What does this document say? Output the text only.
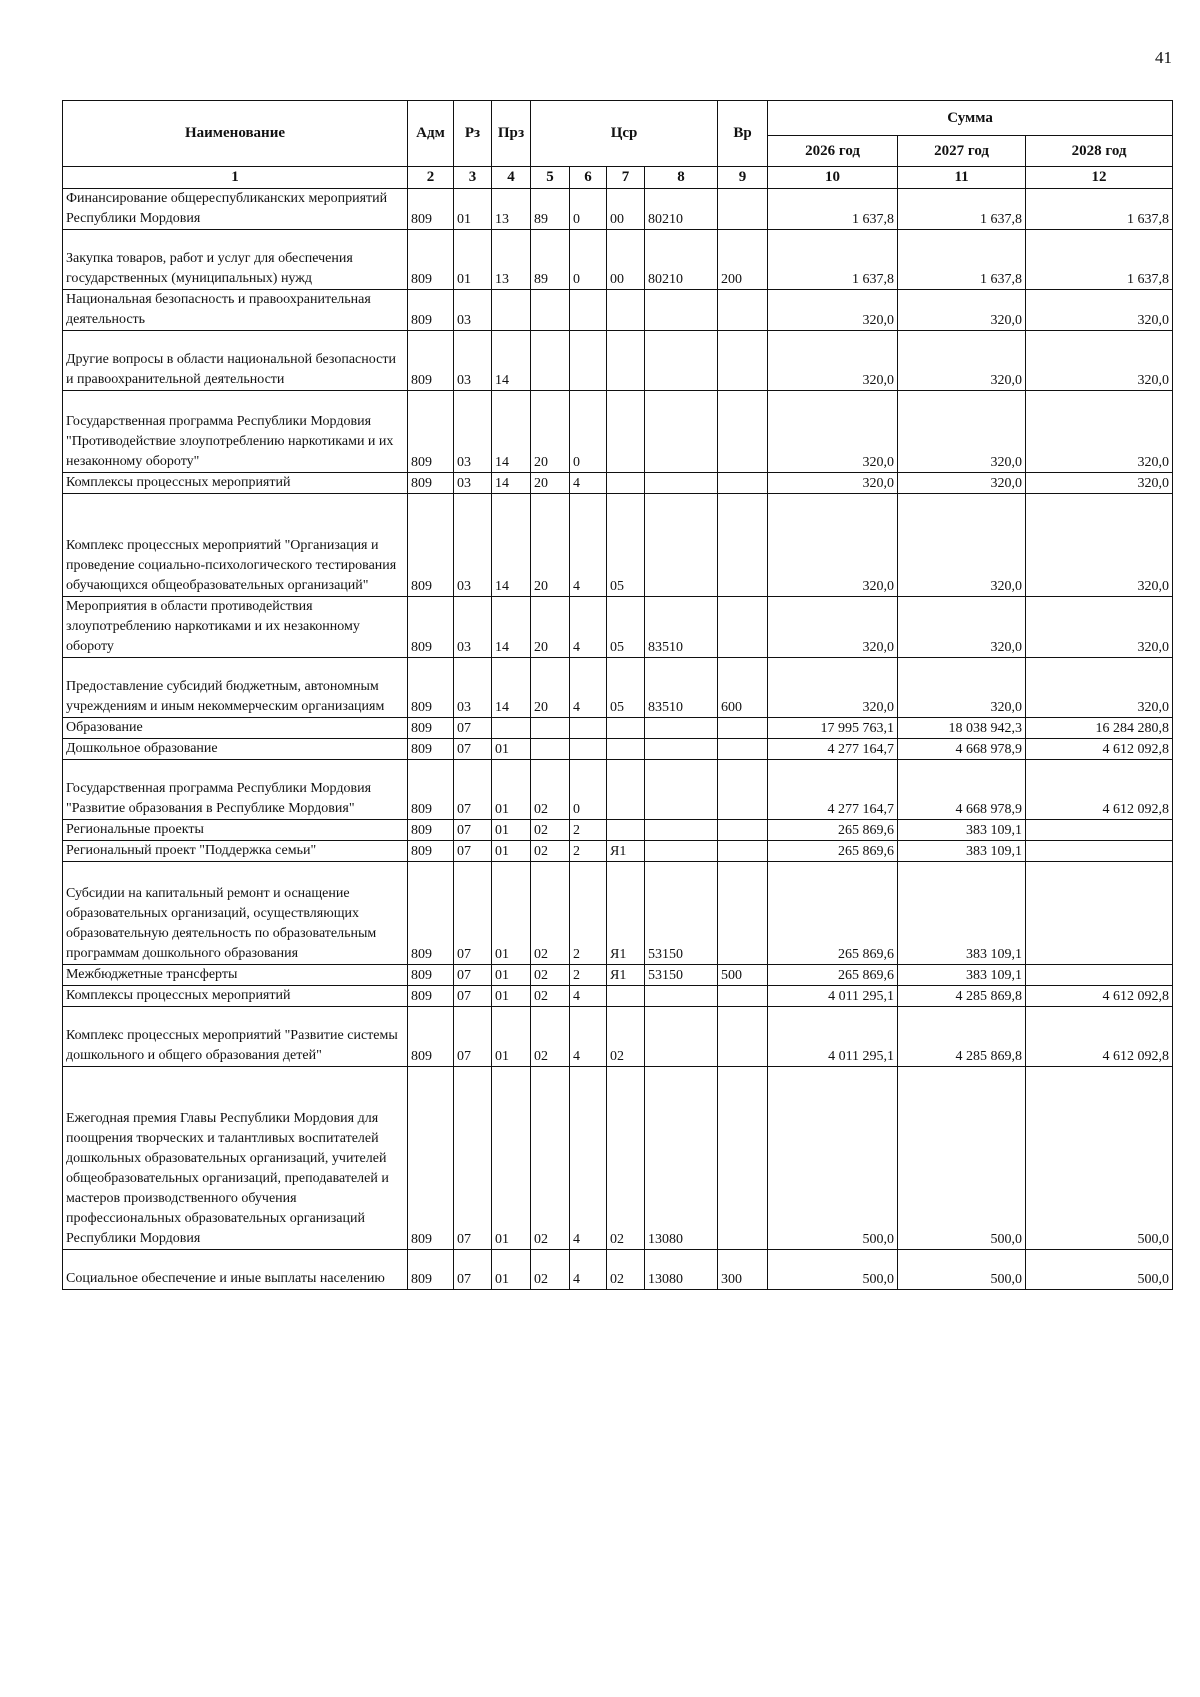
41
Наименование	Адм	Рз	Прз	Цср				Вр	Сумма		
									2026 год	2027 год	2028 год
1	2	3	4	5	6	7	8	9	10	11	12
Финансирование общереспубликанских мероприятий Республики Мордовия	809	01	13	89	0	00	80210		1 637,8	1 637,8	1 637,8
Закупка товаров, работ и услуг для обеспечения государственных (муниципальных) нужд	809	01	13	89	0	00	80210	200	1 637,8	1 637,8	1 637,8
Национальная безопасность и правоохранительная деятельность	809	03							320,0	320,0	320,0
Другие вопросы в области национальной безопасности и правоохранительной деятельности	809	03	14						320,0	320,0	320,0
Государственная программа Республики Мордовия "Противодействие злоупотреблению наркотиками и их незаконному обороту"	809	03	14	20	0				320,0	320,0	320,0
Комплексы процессных мероприятий	809	03	14	20	4				320,0	320,0	320,0
Комплекс процессных мероприятий "Организация и проведение социально-психологического тестирования обучающихся общеобразовательных организаций"	809	03	14	20	4	05			320,0	320,0	320,0
Мероприятия в области противодействия злоупотреблению наркотиками и их незаконному обороту	809	03	14	20	4	05	83510		320,0	320,0	320,0
Предоставление субсидий бюджетным, автономным учреждениям и иным некоммерческим организациям	809	03	14	20	4	05	83510	600	320,0	320,0	320,0
Образование	809	07							17 995 763,1	18 038 942,3	16 284 280,8
Дошкольное образование	809	07	01						4 277 164,7	4 668 978,9	4 612 092,8
Государственная программа Республики Мордовия "Развитие образования в Республике Мордовия"	809	07	01	02	0				4 277 164,7	4 668 978,9	4 612 092,8
Региональные проекты	809	07	01	02	2				265 869,6	383 109,1	
Региональный проект "Поддержка семьи"	809	07	01	02	2	Я1			265 869,6	383 109,1	
Субсидии на капитальный ремонт и оснащение образовательных организаций, осуществляющих образовательную деятельность по образовательным программам дошкольного образования	809	07	01	02	2	Я1	53150		265 869,6	383 109,1	
Межбюджетные трансферты	809	07	01	02	2	Я1	53150	500	265 869,6	383 109,1	
Комплексы процессных мероприятий	809	07	01	02	4				4 011 295,1	4 285 869,8	4 612 092,8
Комплекс процессных мероприятий "Развитие системы дошкольного и общего образования детей"	809	07	01	02	4	02			4 011 295,1	4 285 869,8	4 612 092,8
Ежегодная премия Главы Республики Мордовия для поощрения творческих и талантливых воспитателей дошкольных образовательных организаций, учителей общеобразовательных организаций, преподавателей и мастеров производственного обучения профессиональных образовательных организаций Республики Мордовия	809	07	01	02	4	02	13080		500,0	500,0	500,0
Социальное обеспечение и иные выплаты населению	809	07	01	02	4	02	13080	300	500,0	500,0	500,0
